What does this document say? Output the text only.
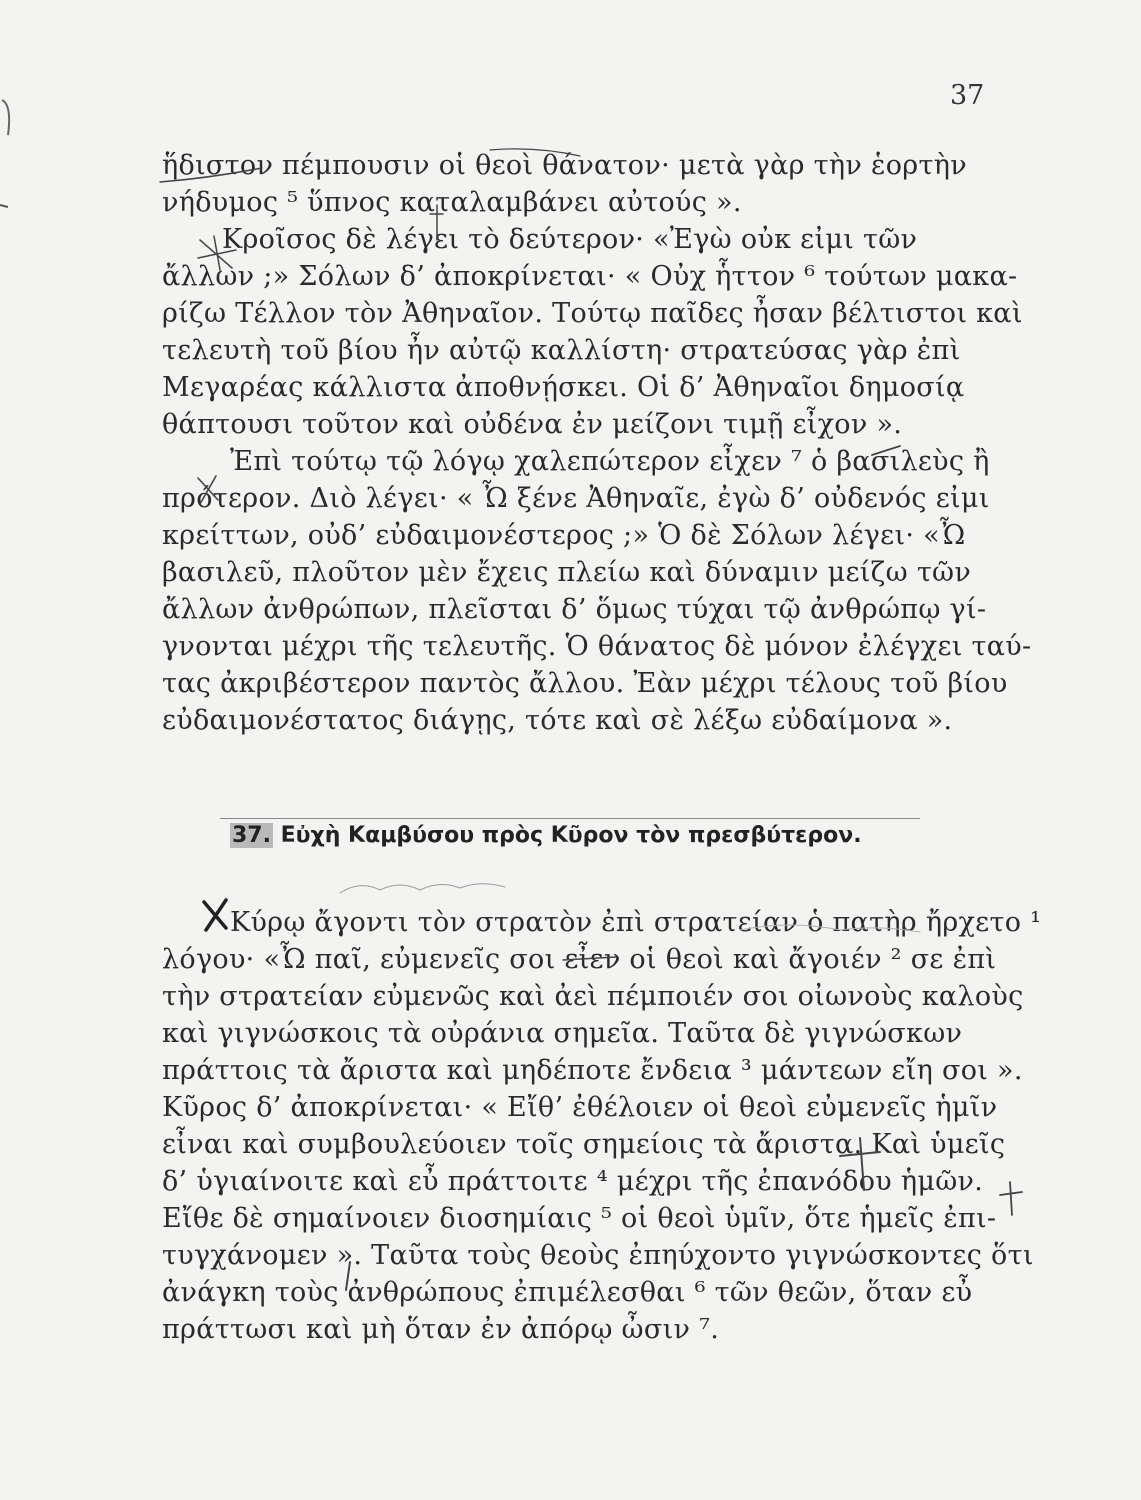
37
ἥδιστον πέμπουσιν οἱ θεοὶ θάνατον· μετὰ γὰρ τὴν ἑορτὴν
νήδυμος ⁵ ὕπνος καταλαμβάνει αὐτούς ».
Κροῖσος δὲ λέγει τὸ δεύτερον· «Ἐγὼ οὐκ εἰμι τῶν
ἄλλων ;» Σόλων δ’ ἀποκρίνεται· « Οὐχ ἧττον ⁶ τούτων μακα-
ρίζω Τέλλον τὸν Ἀθηναῖον. Τούτῳ παῖδες ἦσαν βέλτιστοι καὶ
τελευτὴ τοῦ βίου ἦν αὐτῷ καλλίστη· στρατεύσας γὰρ ἐπὶ
Μεγαρέας κάλλιστα ἀποθνῄσκει. Οἱ δ’ Ἀθηναῖοι δημοσίᾳ
θάπτουσι τοῦτον καὶ οὐδένα ἐν μείζονι τιμῇ εἶχον ».
Ἐπὶ τούτῳ τῷ λόγῳ χαλεπώτερον εἶχεν ⁷ ὁ βασιλεὺς ἢ
πρότερον. Διὸ λέγει· « Ὦ ξένε Ἀθηναῖε, ἐγὼ δ’ οὐδενός εἰμι
κρείττων, οὐδ’ εὐδαιμονέστερος ;» Ὁ δὲ Σόλων λέγει· «Ὦ
βασιλεῦ, πλοῦτον μὲν ἔχεις πλείω καὶ δύναμιν μείζω τῶν
ἄλλων ἀνθρώπων, πλεῖσται δ’ ὅμως τύχαι τῷ ἀνθρώπῳ γί-
γνονται μέχρι τῆς τελευτῆς. Ὁ θάνατος δὲ μόνον ἐλέγχει ταύ-
τας ἀκριβέστερον παντὸς ἄλλου. Ἐὰν μέχρι τέλους τοῦ βίου
εὐδαιμονέστατος διάγῃς, τότε καὶ σὲ λέξω εὐδαίμονα ».
37. Εὐχὴ Καμβύσου πρὸς Κῦρον τὸν πρεσβύτερον.
Κύρῳ ἄγοντι τὸν στρατὸν ἐπὶ στρατείαν ὁ πατὴρ ἤρχετο ¹
λόγου· «Ὦ παῖ, εὐμενεῖς σοι εἶεν οἱ θεοὶ καὶ ἄγοιέν ² σε ἐπὶ
τὴν στρατείαν εὐμενῶς καὶ ἀεὶ πέμποιέν σοι οἰωνοὺς καλοὺς
καὶ γιγνώσκοις τὰ οὐράνια σημεῖα. Ταῦτα δὲ γιγνώσκων
πράττοις τὰ ἄριστα καὶ μηδέποτε ἔνδεια ³ μάντεων εἴη σοι ».
Κῦρος δ’ ἀποκρίνεται· « Εἴθ’ ἐθέλοιεν οἱ θεοὶ εὐμενεῖς ἡμῖν
εἶναι καὶ συμβουλεύοιεν τοῖς σημείοις τὰ ἄριστα. Καὶ ὑμεῖς
δ’ ὑγιαίνοιτε καὶ εὖ πράττοιτε ⁴ μέχρι τῆς ἐπανόδου ἡμῶν.
Εἴθε δὲ σημαίνοιεν διοσημίαις ⁵ οἱ θεοὶ ὑμῖν, ὅτε ἡμεῖς ἐπι-
τυγχάνομεν ». Ταῦτα τοὺς θεοὺς ἐπηύχοντο γιγνώσκοντες ὅτι
ἀνάγκη τοὺς ἀνθρώπους ἐπιμέλεσθαι ⁶ τῶν θεῶν, ὅταν εὖ
πράττωσι καὶ μὴ ὅταν ἐν ἀπόρῳ ὦσιν ⁷.
